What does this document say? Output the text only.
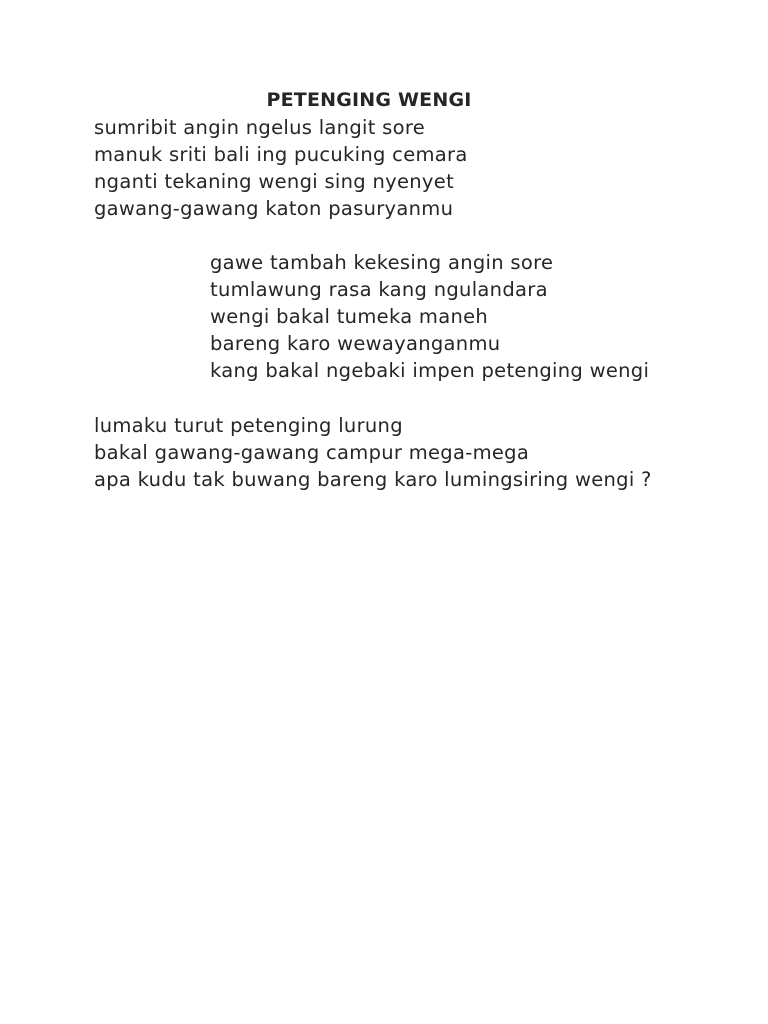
PETENGING WENGI
sumribit angin ngelus langit sore
manuk sriti bali ing pucuking cemara
nganti tekaning wengi sing nyenyet
gawang-gawang katon pasuryanmu
gawe tambah kekesing angin sore
tumlawung rasa kang ngulandara
wengi bakal tumeka maneh
bareng karo wewayanganmu
kang bakal ngebaki impen petenging wengi
lumaku turut petenging lurung
bakal gawang-gawang campur mega-mega
apa kudu tak buwang bareng karo lumingsiring wengi ?
